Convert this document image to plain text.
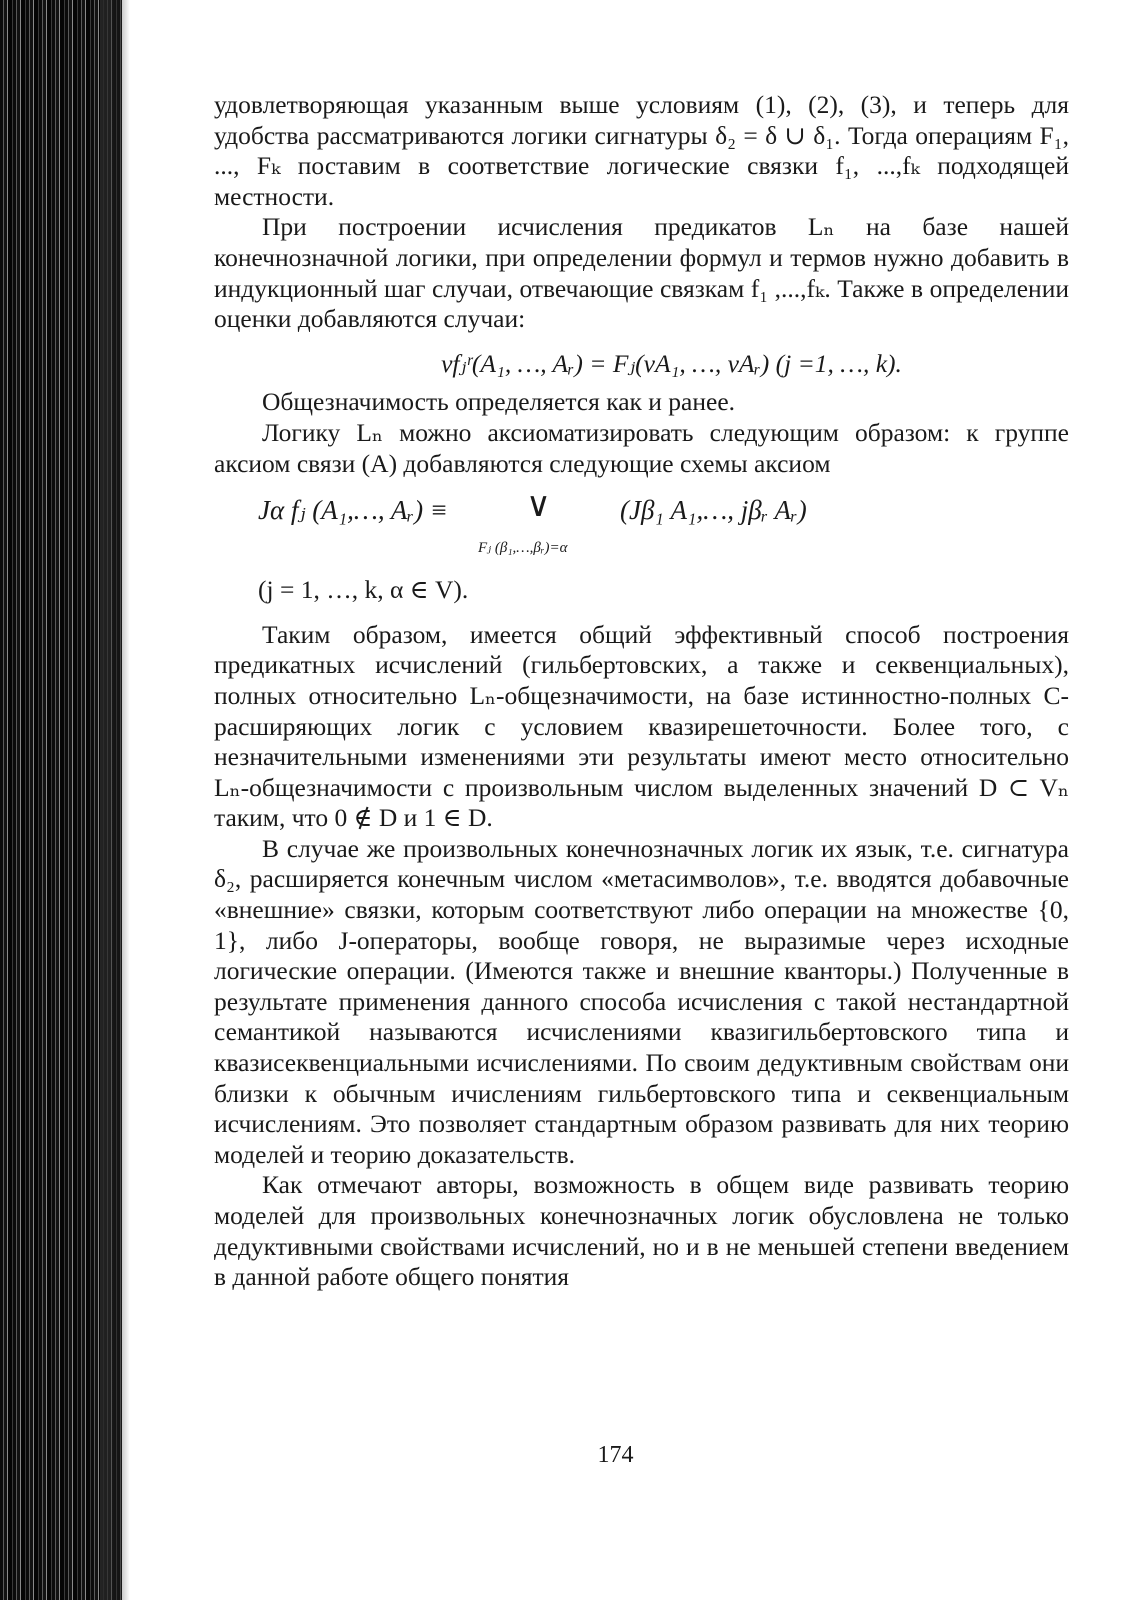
удовлетворяющая указанным выше условиям (1), (2), (3), и теперь для удобства рассматриваются логики сигнатуры δ₂ = δ ∪ δ₁. Тогда операциям F₁, ..., Fₖ поставим в соответствие логические связки f₁, ...,fₖ подходящей местности.

При построении исчисления предикатов Lₙ на базе нашей конечнозначной логики, при определении формул и термов нужно добавить в индукционный шаг случаи, отвечающие связкам f₁ ,...,fₖ. Также в определении оценки добавляются случаи:

vfⱼʳ(A₁, …, Aᵣ) = Fⱼ(vA₁, …, vAᵣ) (j =1, …, k).

Общезначимость определяется как и ранее.

Логику Lₙ можно аксиоматизировать следующим образом: к группе аксиом связи (А) добавляются следующие схемы аксиом

Jα fⱼ (A₁,…, Aᵣ) ≡ ∨
Fⱼ (β₁,…,βᵣ)=α
(Jβ₁ A₁,…, jβᵣ Aᵣ)
(j = 1, …, k, α ∈ V).

Таким образом, имеется общий эффективный способ построения предикатных исчислений (гильбертовских, а также и секвенциальных), полных относительно Lₙ-общезначимости, на базе истинностно-полных C-расширяющих логик с условием квазирешеточности. Более того, с незначительными изменениями эти результаты имеют место относительно Lₙ-общезначимости с произвольным числом выделенных значений D ⊂ Vₙ таким, что 0 ∉ D и 1 ∈ D.

В случае же произвольных конечнозначных логик их язык, т.е. сигнатура δ₂, расширяется конечным числом «метасимволов», т.е. вводятся добавочные «внешние» связки, которым соответствуют либо операции на множестве {0, 1}, либо J-операторы, вообще говоря, не выразимые через исходные логические операции. (Имеются также и внешние кванторы.) Полученные в результате применения данного способа исчисления с такой нестандартной семантикой называются исчислениями квазигильбертовского типа и квазисеквенциальными исчислениями. По своим дедуктивным свойствам они близки к обычным ичислениям гильбертовского типа и секвенциальным исчислениям. Это позволяет стандартным образом развивать для них теорию моделей и теорию доказательств.

Как отмечают авторы, возможность в общем виде развивать теорию моделей для произвольных конечнозначных логик обусловлена не только дедуктивными свойствами исчислений, но и в не меньшей степени введением в данной работе общего понятия

174
